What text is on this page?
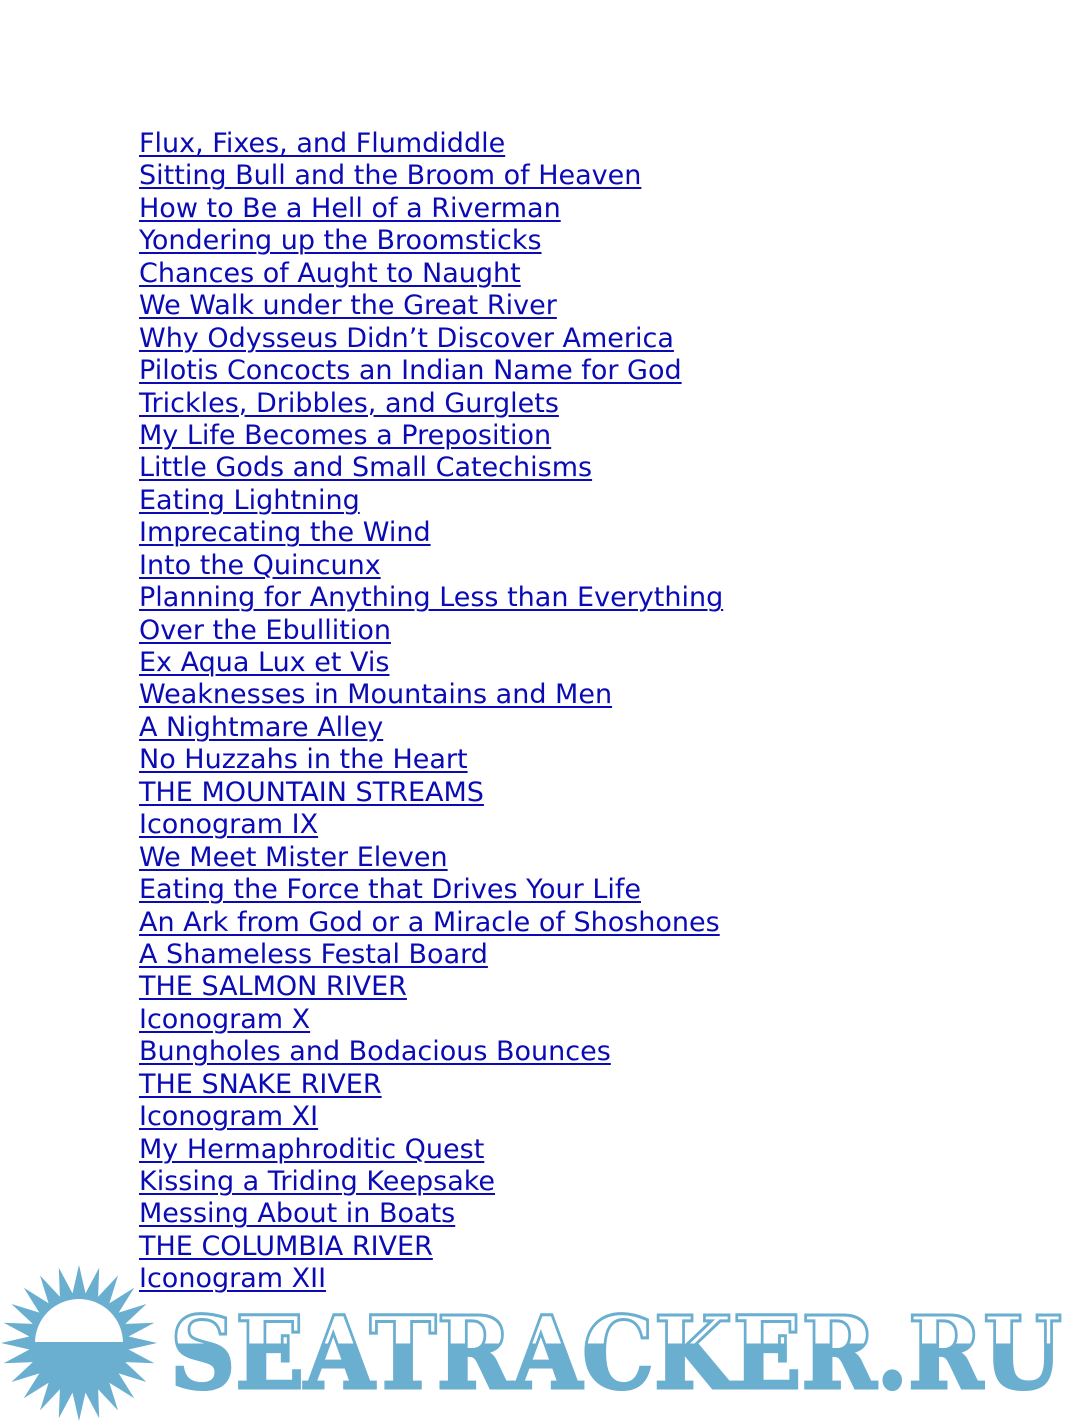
Flux, Fixes, and Flumdiddle
Sitting Bull and the Broom of Heaven
How to Be a Hell of a Riverman
Yondering up the Broomsticks
Chances of Aught to Naught
We Walk under the Great River
Why Odysseus Didn’t Discover America
Pilotis Concocts an Indian Name for God
Trickles, Dribbles, and Gurglets
My Life Becomes a Preposition
Little Gods and Small Catechisms
Eating Lightning
Imprecating the Wind
Into the Quincunx
Planning for Anything Less than Everything
Over the Ebullition
Ex Aqua Lux et Vis
Weaknesses in Mountains and Men
A Nightmare Alley
No Huzzahs in the Heart
THE MOUNTAIN STREAMS
Iconogram IX
We Meet Mister Eleven
Eating the Force that Drives Your Life
An Ark from God or a Miracle of Shoshones
A Shameless Festal Board
THE SALMON RIVER
Iconogram X
Bungholes and Bodacious Bounces
THE SNAKE RIVER
Iconogram XI
My Hermaphroditic Quest
Kissing a Triding Keepsake
Messing About in Boats
THE COLUMBIA RIVER
Iconogram XII
SEATRACKER.RU
